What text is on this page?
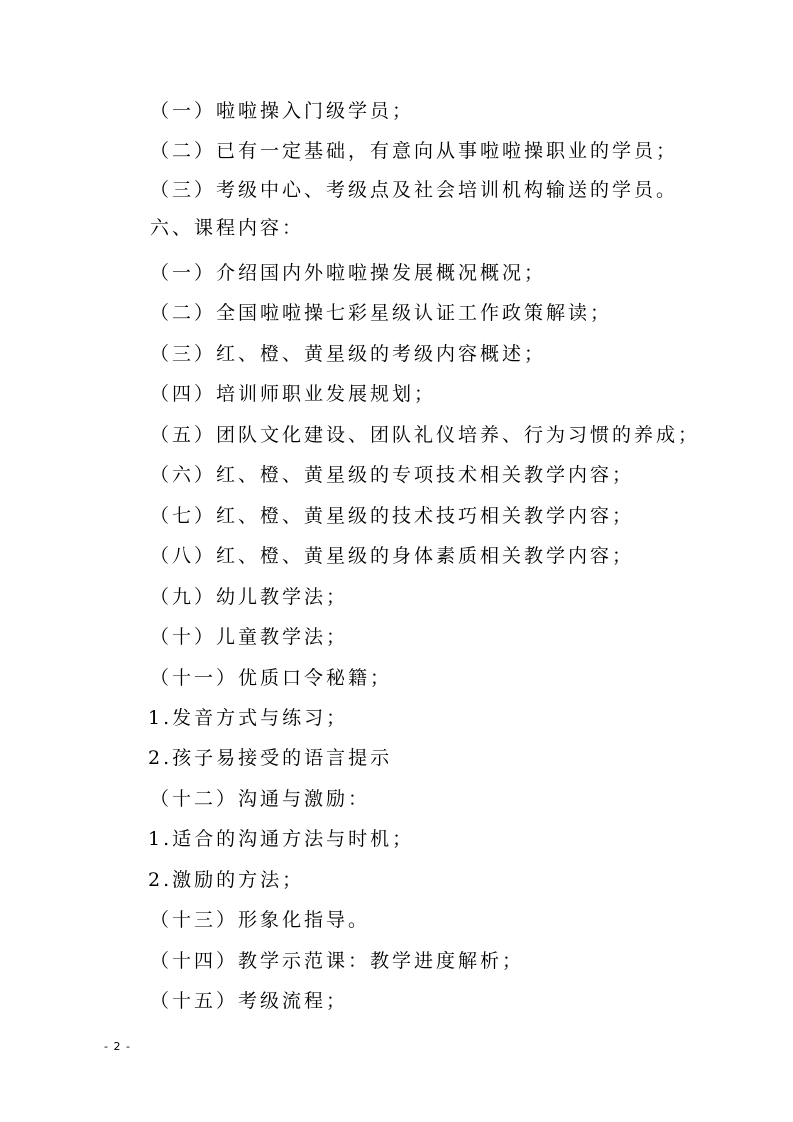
（一）啦啦操入门级学员；
（二）已有一定基础，有意向从事啦啦操职业的学员；
（三）考级中心、考级点及社会培训机构输送的学员。
六、课程内容：
（一）介绍国内外啦啦操发展概况概况；
（二）全国啦啦操七彩星级认证工作政策解读；
（三）红、橙、黄星级的考级内容概述；
（四）培训师职业发展规划；
（五）团队文化建设、团队礼仪培养、行为习惯的养成；
（六）红、橙、黄星级的专项技术相关教学内容；
（七）红、橙、黄星级的技术技巧相关教学内容；
（八）红、橙、黄星级的身体素质相关教学内容；
（九）幼儿教学法；
（十）儿童教学法；
（十一）优质口令秘籍；
1.发音方式与练习；
2.孩子易接受的语言提示
（十二）沟通与激励：
1.适合的沟通方法与时机；
2.激励的方法；
（十三）形象化指导。
（十四）教学示范课：教学进度解析；
（十五）考级流程；
- 2 -
